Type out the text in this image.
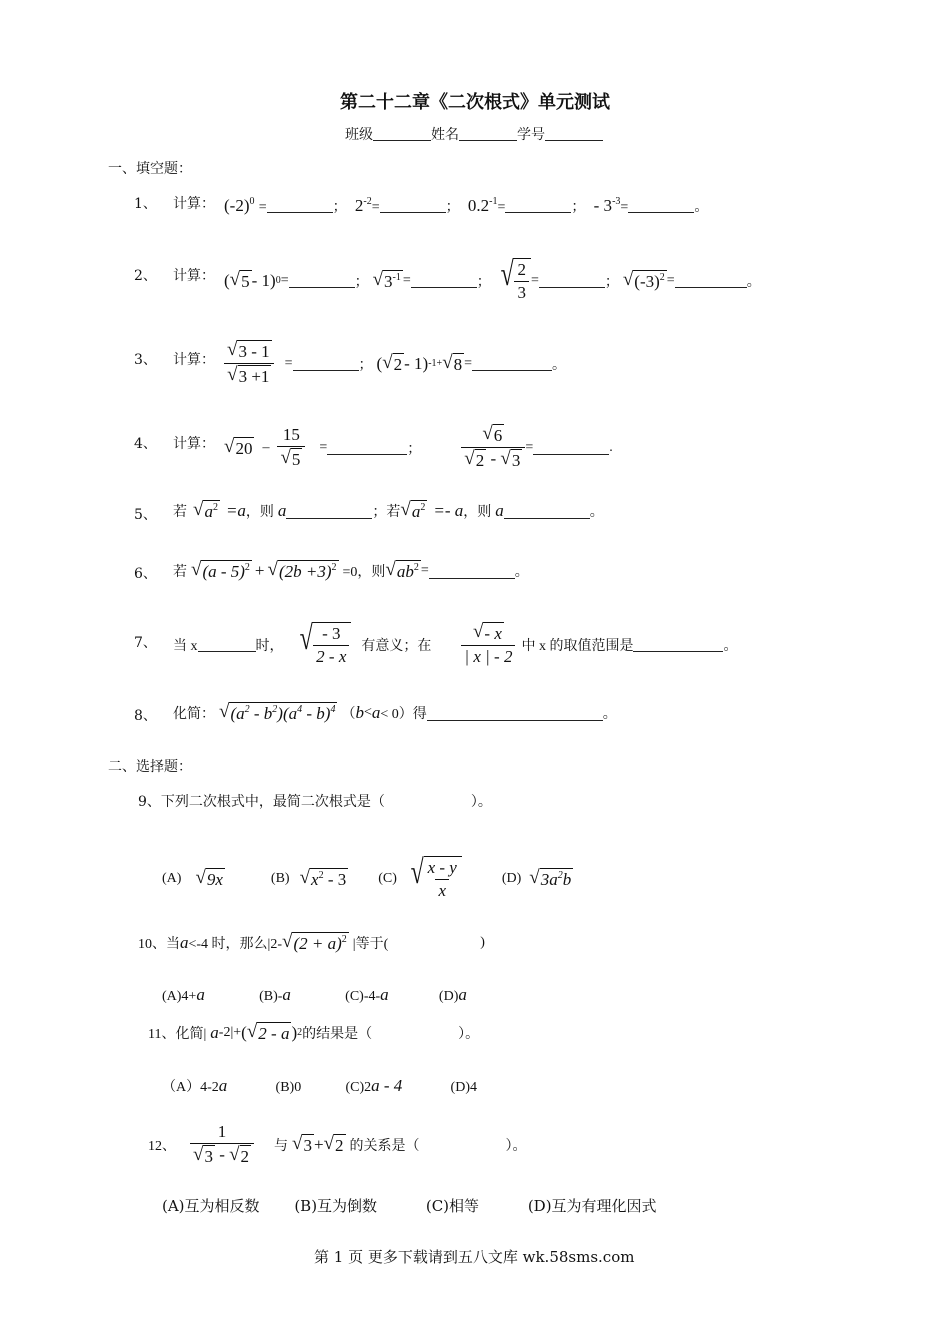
第二十二章《二次根式》单元测试
班级	姓名	学号
一、填空题：
1、 计算： $(-2)^0$ =	； $2^{-2}=$	； $0.2^{-1}=$	； - $3^{-3}=$	。
2、 计算： ( √ 5 - 1) 0 =	； √ $3^{-1}$ =	； √ $\frac{2}{3}$ =	； √ $(-3)^2$ =	。
3、 计算： $\frac{√ 3 - 1}{√ 3 +1}$ =	； ( √ 2 - 1) -1 + √ 8 =	。
4、 计算： √ $20 - \frac{15}{√ 5}$ =	； $\frac{√ 6}{√ 2 - √ 3}$ =	.
5、 若 √ $a^2 =a$ ，则 a	；若 √ $a^2 =- a$ ，则 a	。
6、 若 √ (a - 5)$^2$ + √ $(2b +3)^2 =0$，则 √ $ab^2$ =	。
7、 当 x	时， √ $\frac{- 3}{2 - x}$ 有意义；在 $\frac{√ - x}{| x | - 2}$ 中 x 的取值范围是	。
8、 化简： √ $(a^2 - b^2)(a^4 - b)^4$ （ b < a < 0）得	。
二、选择题：
9、下列二次根式中，最简二次根式是（	）。
(A) √ 9x	(B) √ $x^2 - 3$ (C) √ $\frac{x - y}{x}$	(D) √ $3a^2b$
10、当 a <-4 时，那么|2- √ $(2 + a)^2$ |等于(	)
(A)4+a	(B)-a	(C)-4-a	(D)a
11、化简| a -2|+ ( √ 2 - a ) 2 的结果是（	）。
（A）4-2a	(B)0	(C)2a - 4	(D)4
12、 $\frac{1}{√ 3 - √ 2}$ 与 √ 3 + √ 2 的关系是（	）。
(A)互为相反数 (B)互为倒数	(C)相等	(D)互为有理化因式
第 1 页 更多下载请到五八文库 wk.58sms.com
